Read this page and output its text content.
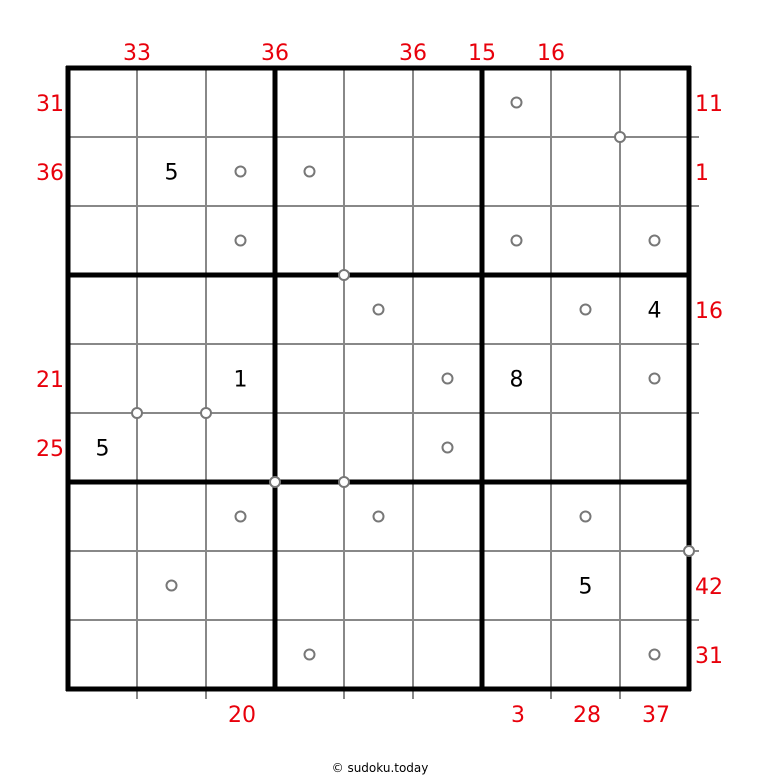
5
4
1	8
5
5
33	36	36 15 16
20	3 28 37
31
36
21
25
11
1
16
42
31
© sudoku.today
